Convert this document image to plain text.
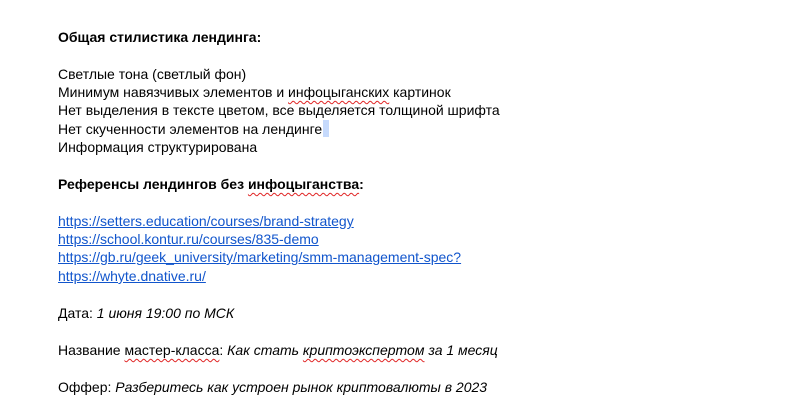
Общая стилистика лендинга:
Светлые тона (светлый фон)
Минимум навязчивых элементов и инфоцыганских картинок
Нет выделения в тексте цветом, все выделяется толщиной шрифта
Нет скученности элементов на лендинге
Информация структурирована
Референсы лендингов без инфоцыганства:
https://setters.education/courses/brand-strategy
https://school.kontur.ru/courses/835-demo
https://gb.ru/geek_university/marketing/smm-management-spec?
https://whyte.dnative.ru/
Дата: 1 июня 19:00 по МСК
Название мастер-класса: Как стать криптоэкспертом за 1 месяц
Оффер: Разберитесь как устроен рынок криптовалюты в 2023
